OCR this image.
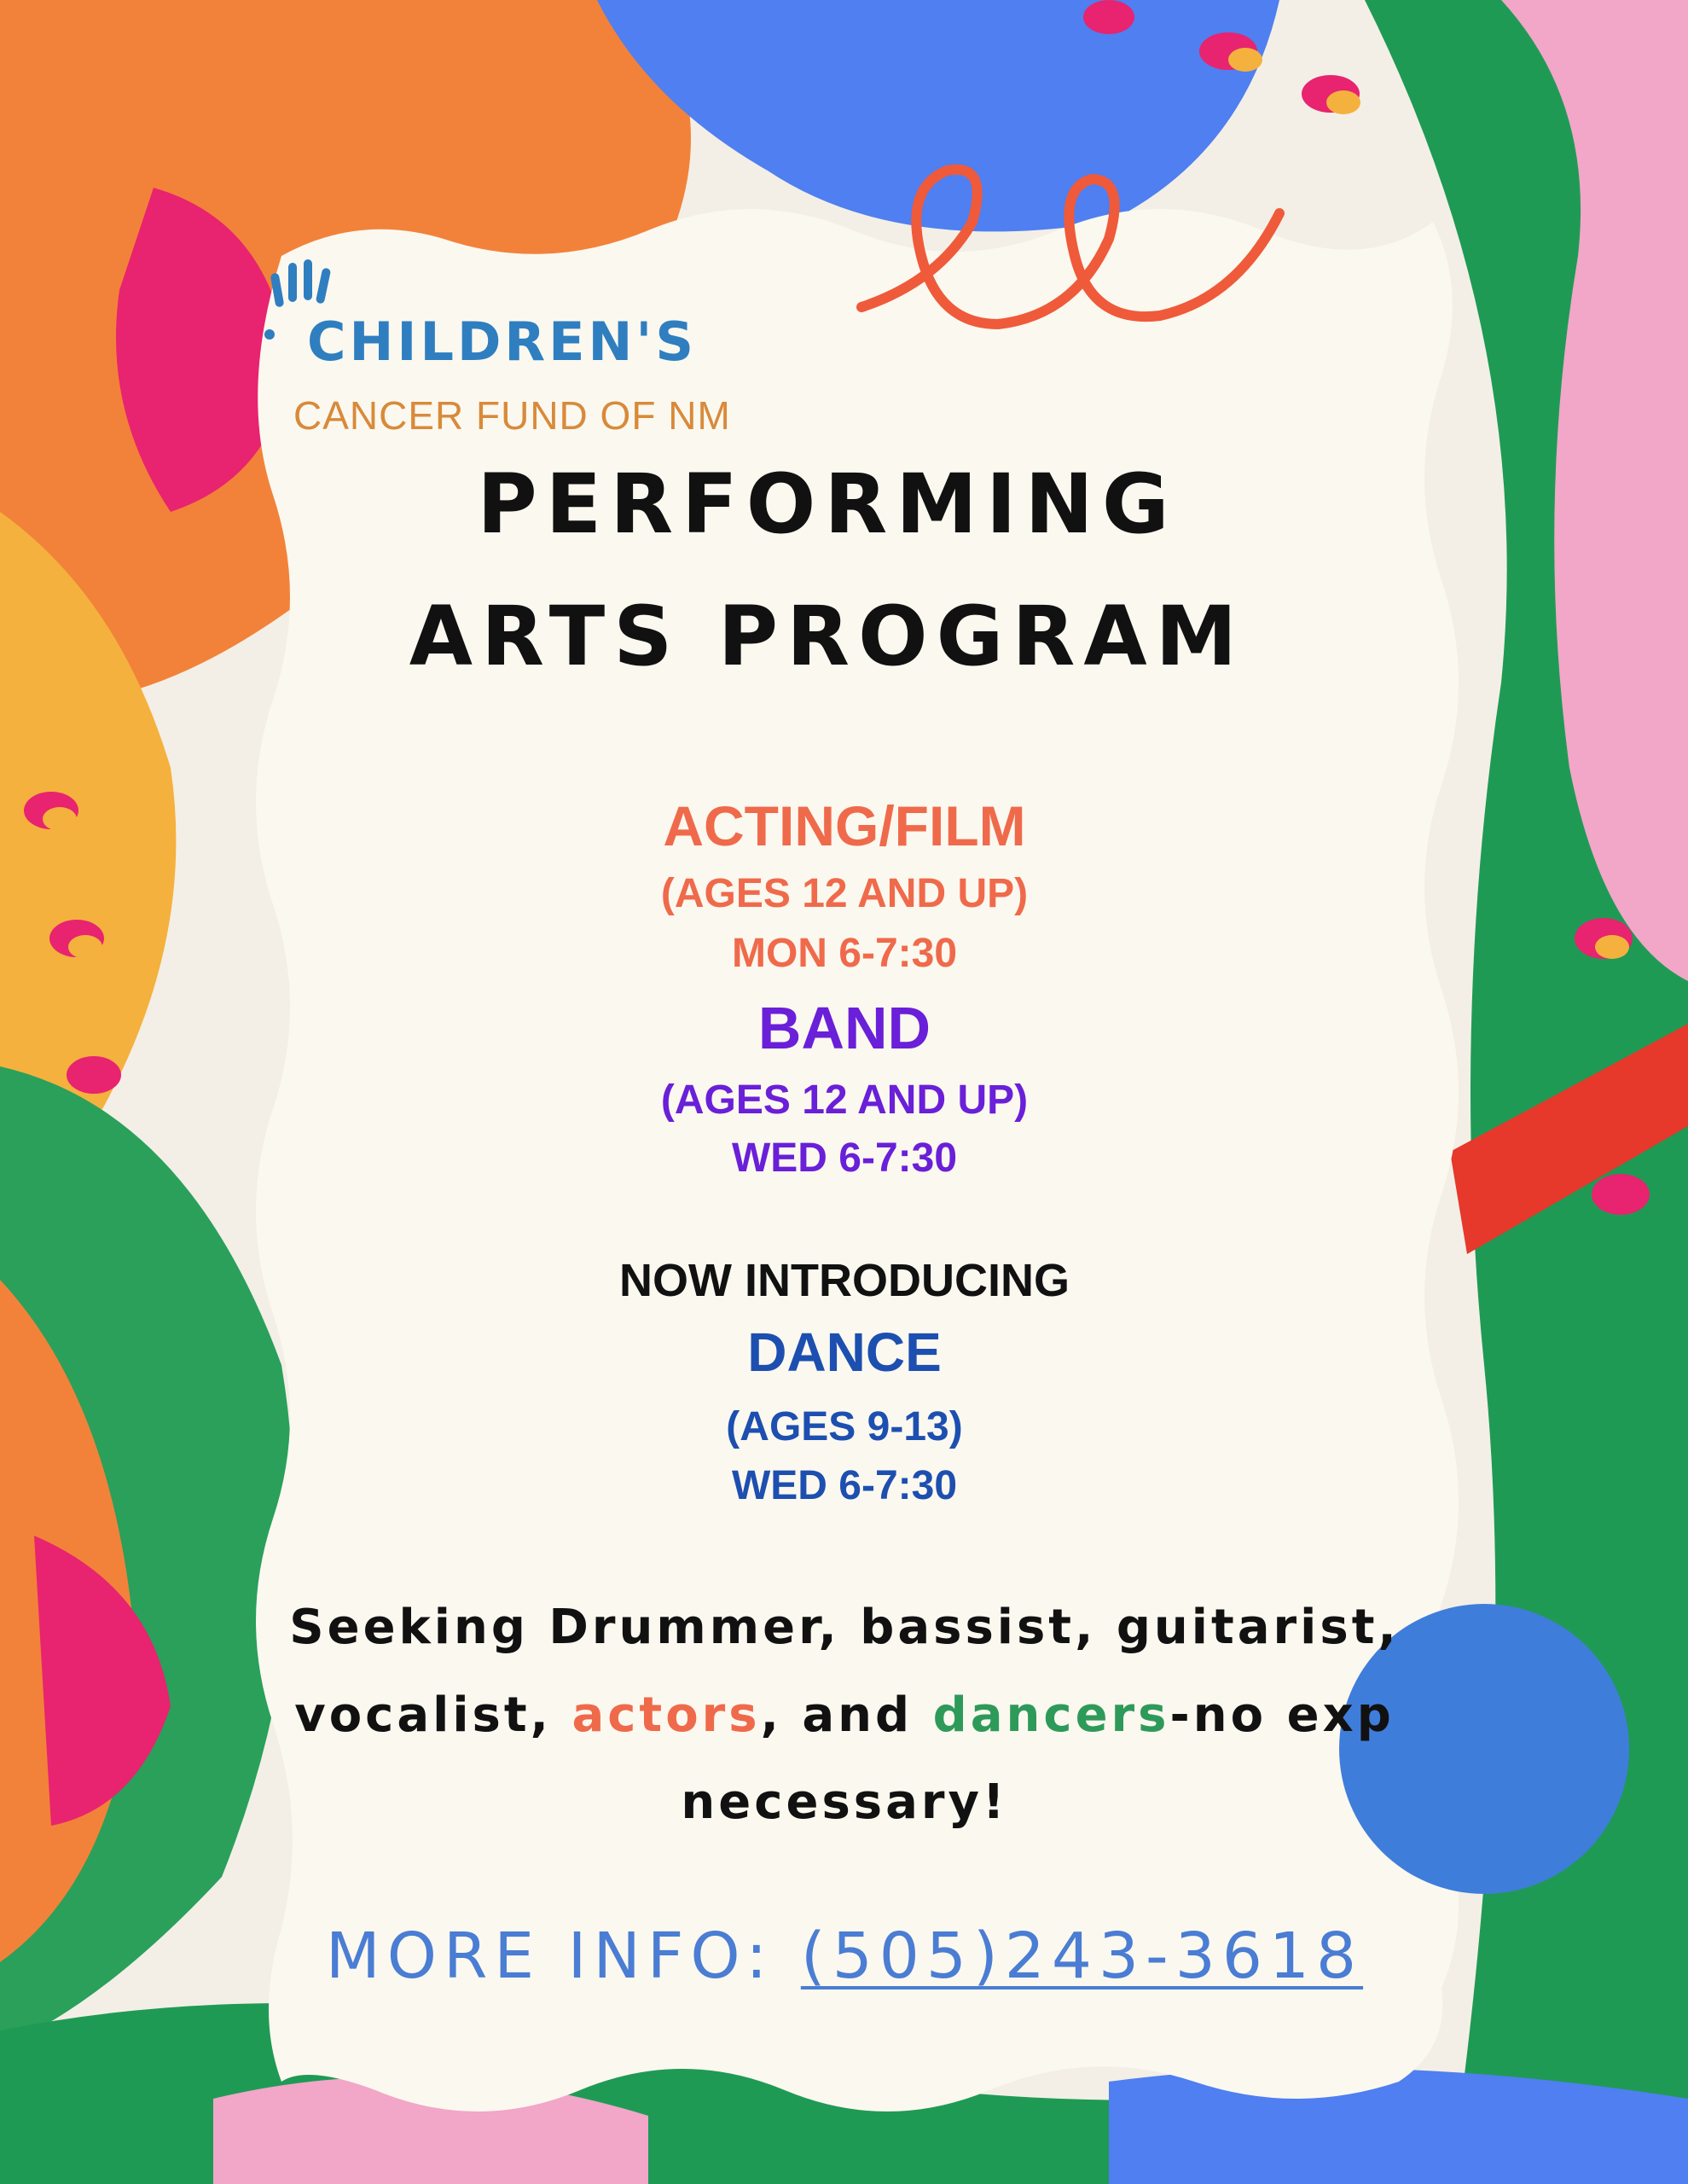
CHILDREN'S
CANCER FUND OF NM
PERFORMING
ARTS PROGRAM
ACTING/FILM
(AGES 12 AND UP)
MON 6-7:30
BAND
(AGES 12 AND UP)
WED 6-7:30
NOW INTRODUCING
DANCE
(AGES 9-13)
WED 6-7:30
Seeking Drummer, bassist, guitarist,
vocalist, actors, and dancers-no exp
necessary!
MORE INFO: (505)243-3618
